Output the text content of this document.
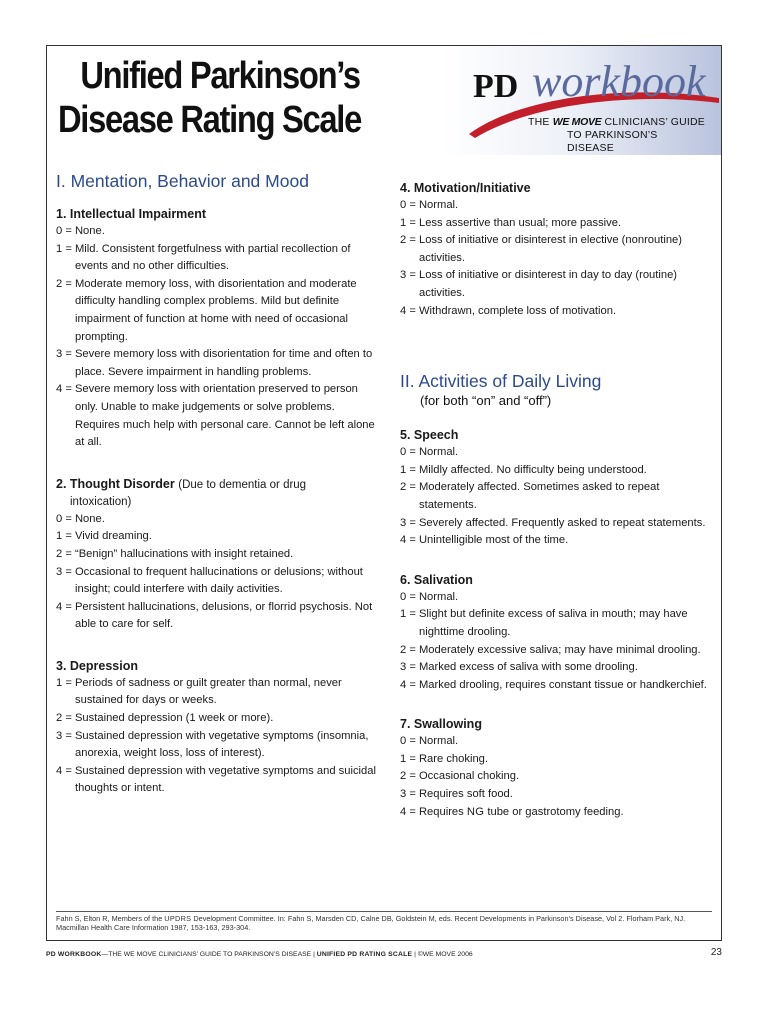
Unified Parkinson’s
Disease Rating Scale
PD workbook
THE WE MOVE CLINICIANS’ GUIDE
TO PARKINSON’S DISEASE
I. Mentation, Behavior and Mood
1. Intellectual Impairment
0 = None.
1 = Mild. Consistent forgetfulness with partial recollection of events and no other difficulties.
2 = Moderate memory loss, with disorientation and moderate difficulty handling complex problems. Mild but definite impairment of function at home with need of occasional prompting.
3 = Severe memory loss with disorientation for time and often to place. Severe impairment in handling problems.
4 = Severe memory loss with orientation preserved to person only. Unable to make judgements or solve problems. Requires much help with personal care. Cannot be left alone at all.
2. Thought Disorder (Due to dementia or drug
intoxication)
0 = None.
1 = Vivid dreaming.
2 = “Benign” hallucinations with insight retained.
3 = Occasional to frequent hallucinations or delusions; without insight; could interfere with daily activities.
4 = Persistent hallucinations, delusions, or florrid psychosis. Not able to care for self.
3. Depression
1 = Periods of sadness or guilt greater than normal, never sustained for days or weeks.
2 = Sustained depression (1 week or more).
3 = Sustained depression with vegetative symptoms (insomnia, anorexia, weight loss, loss of interest).
4 = Sustained depression with vegetative symptoms and suicidal thoughts or intent.
4. Motivation/Initiative
0 = Normal.
1 = Less assertive than usual; more passive.
2 = Loss of initiative or disinterest in elective (nonroutine) activities.
3 = Loss of initiative or disinterest in day to day (routine) activities.
4 = Withdrawn, complete loss of motivation.
II. Activities of Daily Living
(for both “on” and “off”)
5. Speech
0 = Normal.
1 = Mildly affected. No difficulty being understood.
2 = Moderately affected. Sometimes asked to repeat statements.
3 = Severely affected. Frequently asked to repeat statements.
4 = Unintelligible most of the time.
6. Salivation
0 = Normal.
1 = Slight but definite excess of saliva in mouth; may have nighttime drooling.
2 = Moderately excessive saliva; may have minimal drooling.
3 = Marked excess of saliva with some drooling.
4 = Marked drooling, requires constant tissue or handkerchief.
7. Swallowing
0 = Normal.
1 = Rare choking.
2 = Occasional choking.
3 = Requires soft food.
4 = Requires NG tube or gastrotomy feeding.
Fahn S, Elton R, Members of the UPDRS Development Committee. In: Fahn S, Marsden CD, Calne DB, Goldstein M, eds. Recent Developments in Parkinson’s Disease, Vol 2. Florham Park, NJ. Macmillan Health Care Information 1987, 153-163, 293-304.
PD WORKBOOK—THE WE MOVE CLINICIANS’ GUIDE TO PARKINSON’S DISEASE | UNIFIED PD RATING SCALE | ©WE MOVE 2006	23
